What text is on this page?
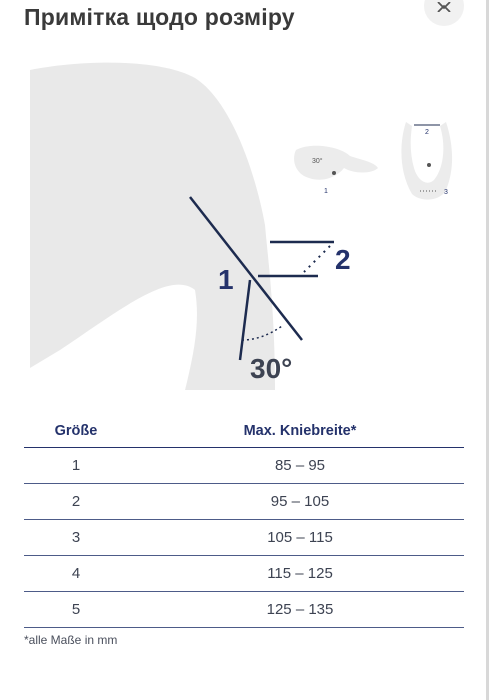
Примітка щодо розміру
1
2
30°
30°
1
2
3
Größe	Max. Kniebreite*
1	85 – 95
2	95 – 105
3	105 – 115
4	115 – 125
5	125 – 135
*alle Maße in mm
